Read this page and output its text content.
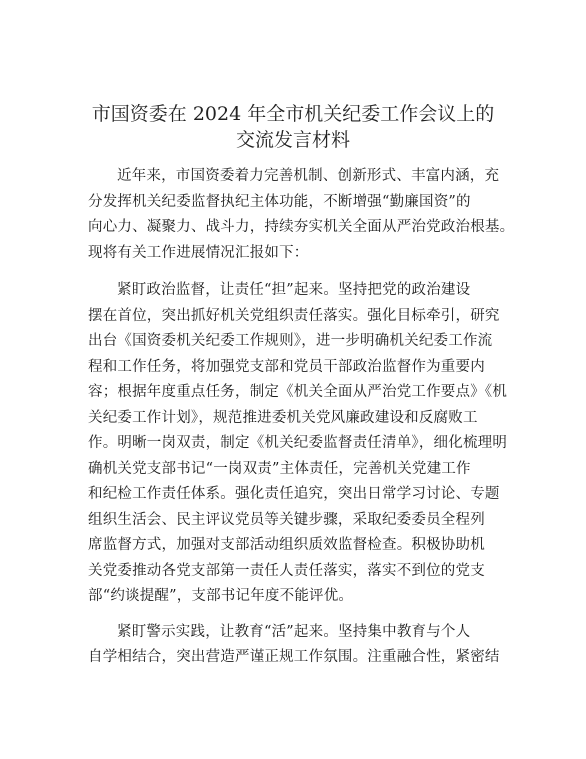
市国资委在 2024 年全市机关纪委工作会议上的
交流发言材料
近年来，市国资委着力完善机制、创新形式、丰富内涵，充
分发挥机关纪委监督执纪主体功能，不断增强“勤廉国资”的
向心力、凝聚力、战斗力，持续夯实机关全面从严治党政治根基。
现将有关工作进展情况汇报如下：
紧盯政治监督，让责任“担”起来。坚持把党的政治建设
摆在首位，突出抓好机关党组织责任落实。强化目标牵引，研究
出台《国资委机关纪委工作规则》，进一步明确机关纪委工作流
程和工作任务，将加强党支部和党员干部政治监督作为重要内
容；根据年度重点任务，制定《机关全面从严治党工作要点》《机
关纪委工作计划》，规范推进委机关党风廉政建设和反腐败工
作。明晰一岗双责，制定《机关纪委监督责任清单》，细化梳理明
确机关党支部书记“一岗双责”主体责任，完善机关党建工作
和纪检工作责任体系。强化责任追究，突出日常学习讨论、专题
组织生活会、民主评议党员等关键步骤，采取纪委委员全程列
席监督方式，加强对支部活动组织质效监督检查。积极协助机
关党委推动各党支部第一责任人责任落实，落实不到位的党支
部“约谈提醒”，支部书记年度不能评优。
紧盯警示实践，让教育“活”起来。坚持集中教育与个人
自学相结合，突出营造严谨正规工作氛围。注重融合性，紧密结
